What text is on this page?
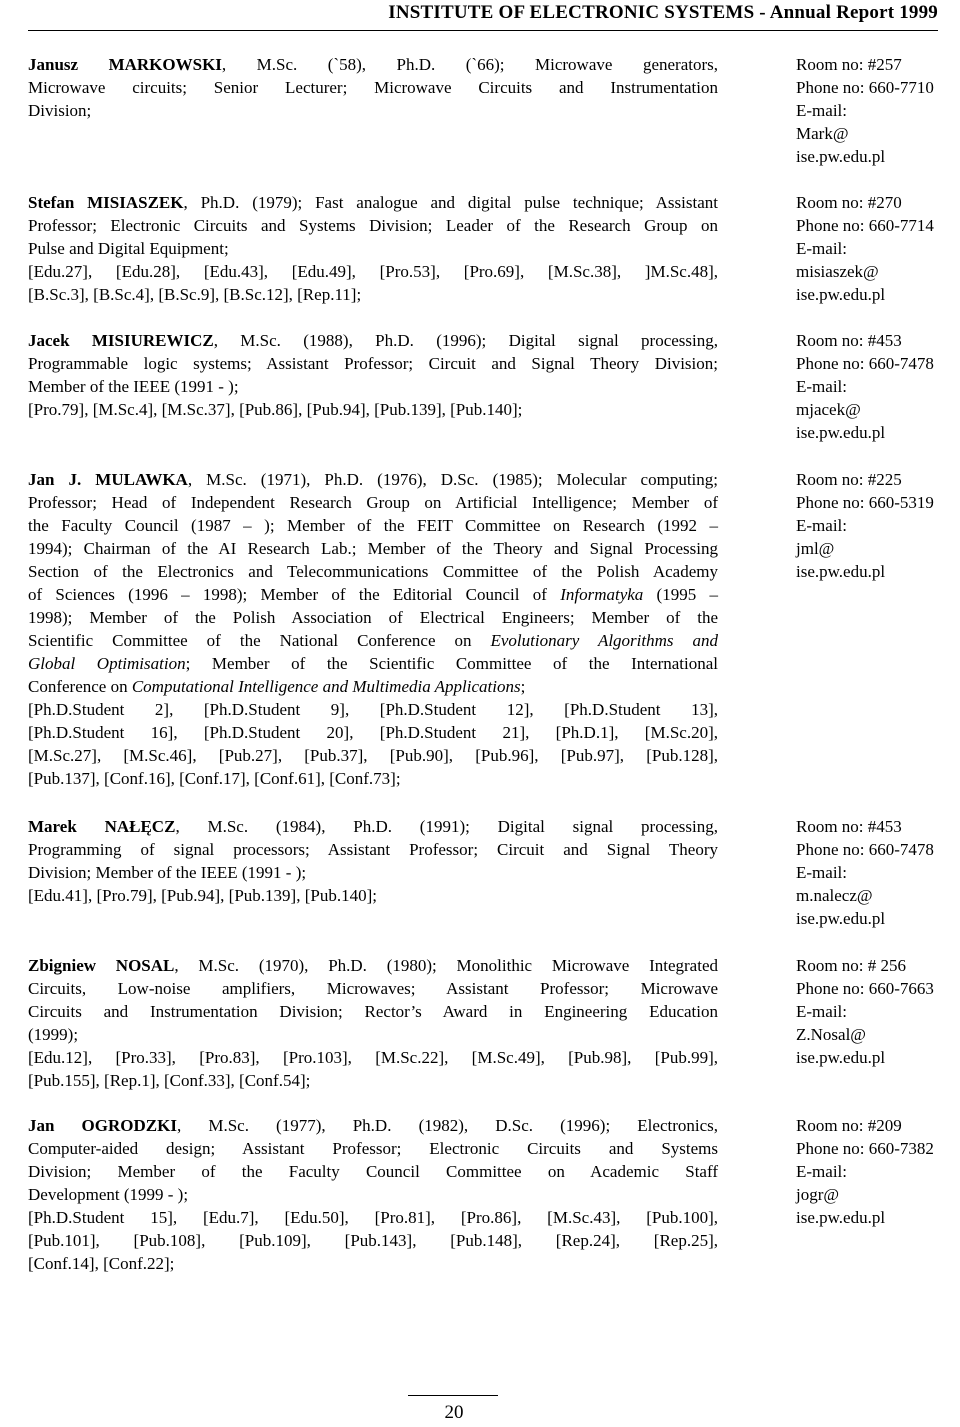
INSTITUTE OF ELECTRONIC SYSTEMS - Annual Report 1999
Janusz MARKOWSKI, M.Sc. (`58), Ph.D. (`66); Microwave generators,
Microwave circuits; Senior Lecturer; Microwave Circuits and Instrumentation
Division;
Room no: #257
Phone no: 660-7710
E-mail:
Mark@
ise.pw.edu.pl
Stefan MISIASZEK, Ph.D. (1979); Fast analogue and digital pulse technique; Assistant
Professor; Electronic Circuits and Systems Division; Leader of the Research Group on
Pulse and Digital Equipment;
[Edu.27], [Edu.28], [Edu.43], [Edu.49], [Pro.53], [Pro.69], [M.Sc.38], ]M.Sc.48],
[B.Sc.3], [B.Sc.4], [B.Sc.9], [B.Sc.12], [Rep.11];
Room no: #270
Phone no: 660-7714
E-mail:
misiaszek@
ise.pw.edu.pl
Jacek MISIUREWICZ, M.Sc. (1988), Ph.D. (1996); Digital signal processing,
Programmable logic systems; Assistant Professor; Circuit and Signal Theory Division;
Member of the IEEE (1991 - );
[Pro.79], [M.Sc.4], [M.Sc.37], [Pub.86], [Pub.94], [Pub.139], [Pub.140];
Room no: #453
Phone no: 660-7478
E-mail:
mjacek@
ise.pw.edu.pl
Jan J. MULAWKA, M.Sc. (1971), Ph.D. (1976), D.Sc. (1985); Molecular computing;
Professor; Head of Independent Research Group on Artificial Intelligence; Member of
the Faculty Council (1987 – ); Member of the FEIT Committee on Research (1992 –
1994); Chairman of the AI Research Lab.; Member of the Theory and Signal Processing
Section of the Electronics and Telecommunications Committee of the Polish Academy
of Sciences (1996 – 1998); Member of the Editorial Council of Informatyka (1995 –
1998); Member of the Polish Association of Electrical Engineers; Member of the
Scientific Committee of the National Conference on Evolutionary Algorithms and
Global Optimisation; Member of the Scientific Committee of the International
Conference on Computational Intelligence and Multimedia Applications;
[Ph.D.Student 2], [Ph.D.Student 9], [Ph.D.Student 12], [Ph.D.Student 13],
[Ph.D.Student 16], [Ph.D.Student 20], [Ph.D.Student 21], [Ph.D.1], [M.Sc.20],
[M.Sc.27], [M.Sc.46], [Pub.27], [Pub.37], [Pub.90], [Pub.96], [Pub.97], [Pub.128],
[Pub.137], [Conf.16], [Conf.17], [Conf.61], [Conf.73];
Room no: #225
Phone no: 660-5319
E-mail:
jml@
ise.pw.edu.pl
Marek NAŁĘCZ, M.Sc. (1984), Ph.D. (1991); Digital signal processing,
Programming of signal processors; Assistant Professor; Circuit and Signal Theory
Division; Member of the IEEE (1991 - );
[Edu.41], [Pro.79], [Pub.94], [Pub.139], [Pub.140];
Room no: #453
Phone no: 660-7478
E-mail:
m.nalecz@
ise.pw.edu.pl
Zbigniew NOSAL, M.Sc. (1970), Ph.D. (1980); Monolithic Microwave Integrated
Circuits, Low-noise amplifiers, Microwaves; Assistant Professor; Microwave
Circuits and Instrumentation Division; Rector’s Award in Engineering Education
(1999);
[Edu.12], [Pro.33], [Pro.83], [Pro.103], [M.Sc.22], [M.Sc.49], [Pub.98], [Pub.99],
[Pub.155], [Rep.1], [Conf.33], [Conf.54];
Room no: # 256
Phone no: 660-7663
E-mail:
Z.Nosal@
ise.pw.edu.pl
Jan OGRODZKI, M.Sc. (1977), Ph.D. (1982), D.Sc. (1996); Electronics,
Computer-aided design; Assistant Professor; Electronic Circuits and Systems
Division; Member of the Faculty Council Committee on Academic Staff
Development (1999 - );
[Ph.D.Student 15], [Edu.7], [Edu.50], [Pro.81], [Pro.86], [M.Sc.43], [Pub.100],
[Pub.101], [Pub.108], [Pub.109], [Pub.143], [Pub.148], [Rep.24], [Rep.25],
[Conf.14], [Conf.22];
Room no: #209
Phone no: 660-7382
E-mail:
jogr@
ise.pw.edu.pl
20
